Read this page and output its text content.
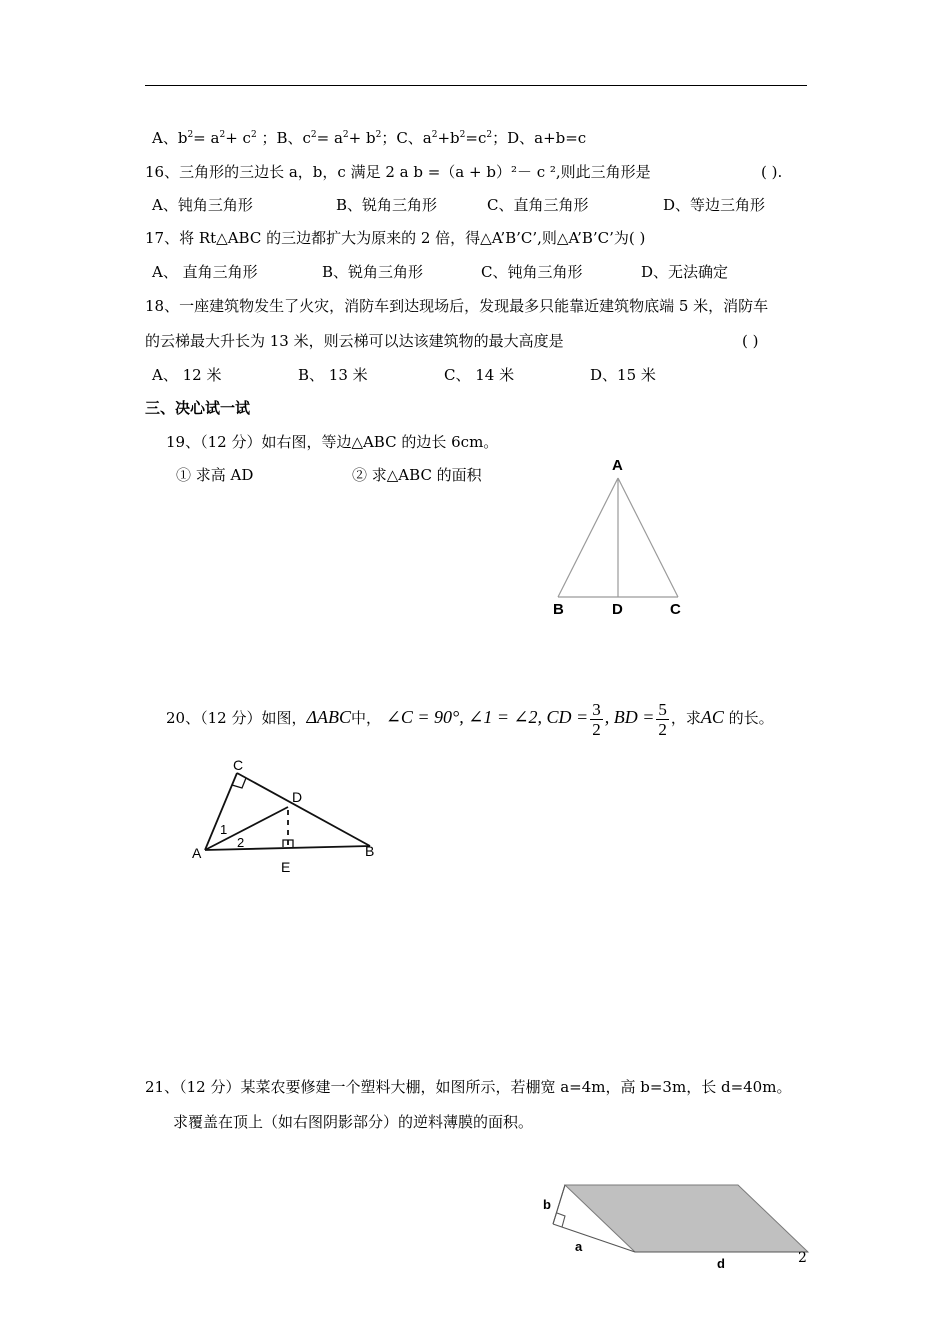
A、$b^2= a^2+ c^2$ ；B、$c^2= a^2+ b^2$；C、$a^2+b^2=c^2$；D、a+b=c
16、三角形的三边长 a，b，c 满足 2 a b =（a + b）²－ c ²,则此三角形是	( ).
A、钝角三角形	B、锐角三角形	C、直角三角形	D、等边三角形
17、将 Rt△ABC 的三边都扩大为原来的 2 倍，得△A’B’C’,则△A’B’C’为( )
A、 直角三角形	B、锐角三角形	C、钝角三角形	D、无法确定
18、一座建筑物发生了火灾，消防车到达现场后，发现最多只能靠近建筑物底端 5 米，消防车
的云梯最大升长为 13 米，则云梯可以达该建筑物的最大高度是	( )
A、 12 米	B、 13 米	C、 14 米	D、15 米
三、决心试一试
19、（12 分）如右图，等边△ABC 的边长 6cm。
① 求高 AD	② 求△ABC 的面积
A
B	D	C
20、（12 分）如图，ΔABC中， ∠C = 90°, ∠1 = ∠2, CD = $\frac{3}{2}$ , BD = $\frac{5}{2}$ ，求AC 的长。
C
D
A	B
E
1
2
21、（12 分）某菜农要修建一个塑料大棚，如图所示，若棚宽 a=4m，高 b=3m，长 d=40m。
求覆盖在顶上（如右图阴影部分）的逆料薄膜的面积。
b
a
d	2
